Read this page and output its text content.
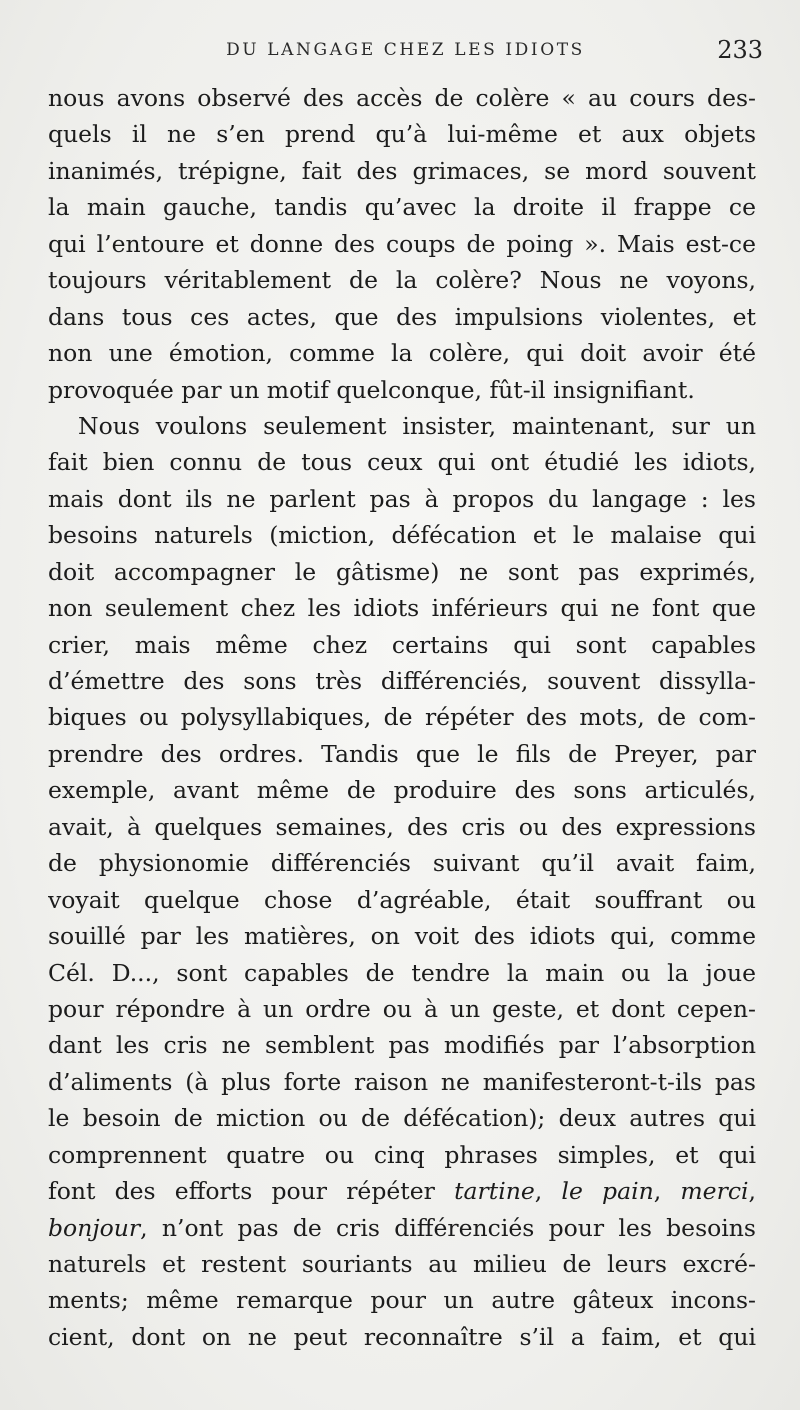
DU LANGAGE CHEZ LES IDIOTS	233
nous avons observé des accès de colère « au cours des-
quels il ne s’en prend qu’à lui-même et aux objets
inanimés, trépigne, fait des grimaces, se mord souvent
la main gauche, tandis qu’avec la droite il frappe ce
qui l’entoure et donne des coups de poing ». Mais est-ce
toujours véritablement de la colère? Nous ne voyons,
dans tous ces actes, que des impulsions violentes, et
non une émotion, comme la colère, qui doit avoir été
provoquée par un motif quelconque, fût-il insignifiant.
Nous voulons seulement insister, maintenant, sur un
fait bien connu de tous ceux qui ont étudié les idiots,
mais dont ils ne parlent pas à propos du langage : les
besoins naturels (miction, défécation et le malaise qui
doit accompagner le gâtisme) ne sont pas exprimés,
non seulement chez les idiots inférieurs qui ne font que
crier, mais même chez certains qui sont capables
d’émettre des sons très différenciés, souvent dissylla-
biques ou polysyllabiques, de répéter des mots, de com-
prendre des ordres. Tandis que le fils de Preyer, par
exemple, avant même de produire des sons articulés,
avait, à quelques semaines, des cris ou des expressions
de physionomie différenciés suivant qu’il avait faim,
voyait quelque chose d’agréable, était souffrant ou
souillé par les matières, on voit des idiots qui, comme
Cél. D..., sont capables de tendre la main ou la joue
pour répondre à un ordre ou à un geste, et dont cepen-
dant les cris ne semblent pas modifiés par l’absorption
d’aliments (à plus forte raison ne manifesteront-t-ils pas
le besoin de miction ou de défécation); deux autres qui
comprennent quatre ou cinq phrases simples, et qui
font des efforts pour répéter tartine, le pain, merci,
bonjour, n’ont pas de cris différenciés pour les besoins
naturels et restent souriants au milieu de leurs excré-
ments; même remarque pour un autre gâteux incons-
cient, dont on ne peut reconnaître s’il a faim, et qui
